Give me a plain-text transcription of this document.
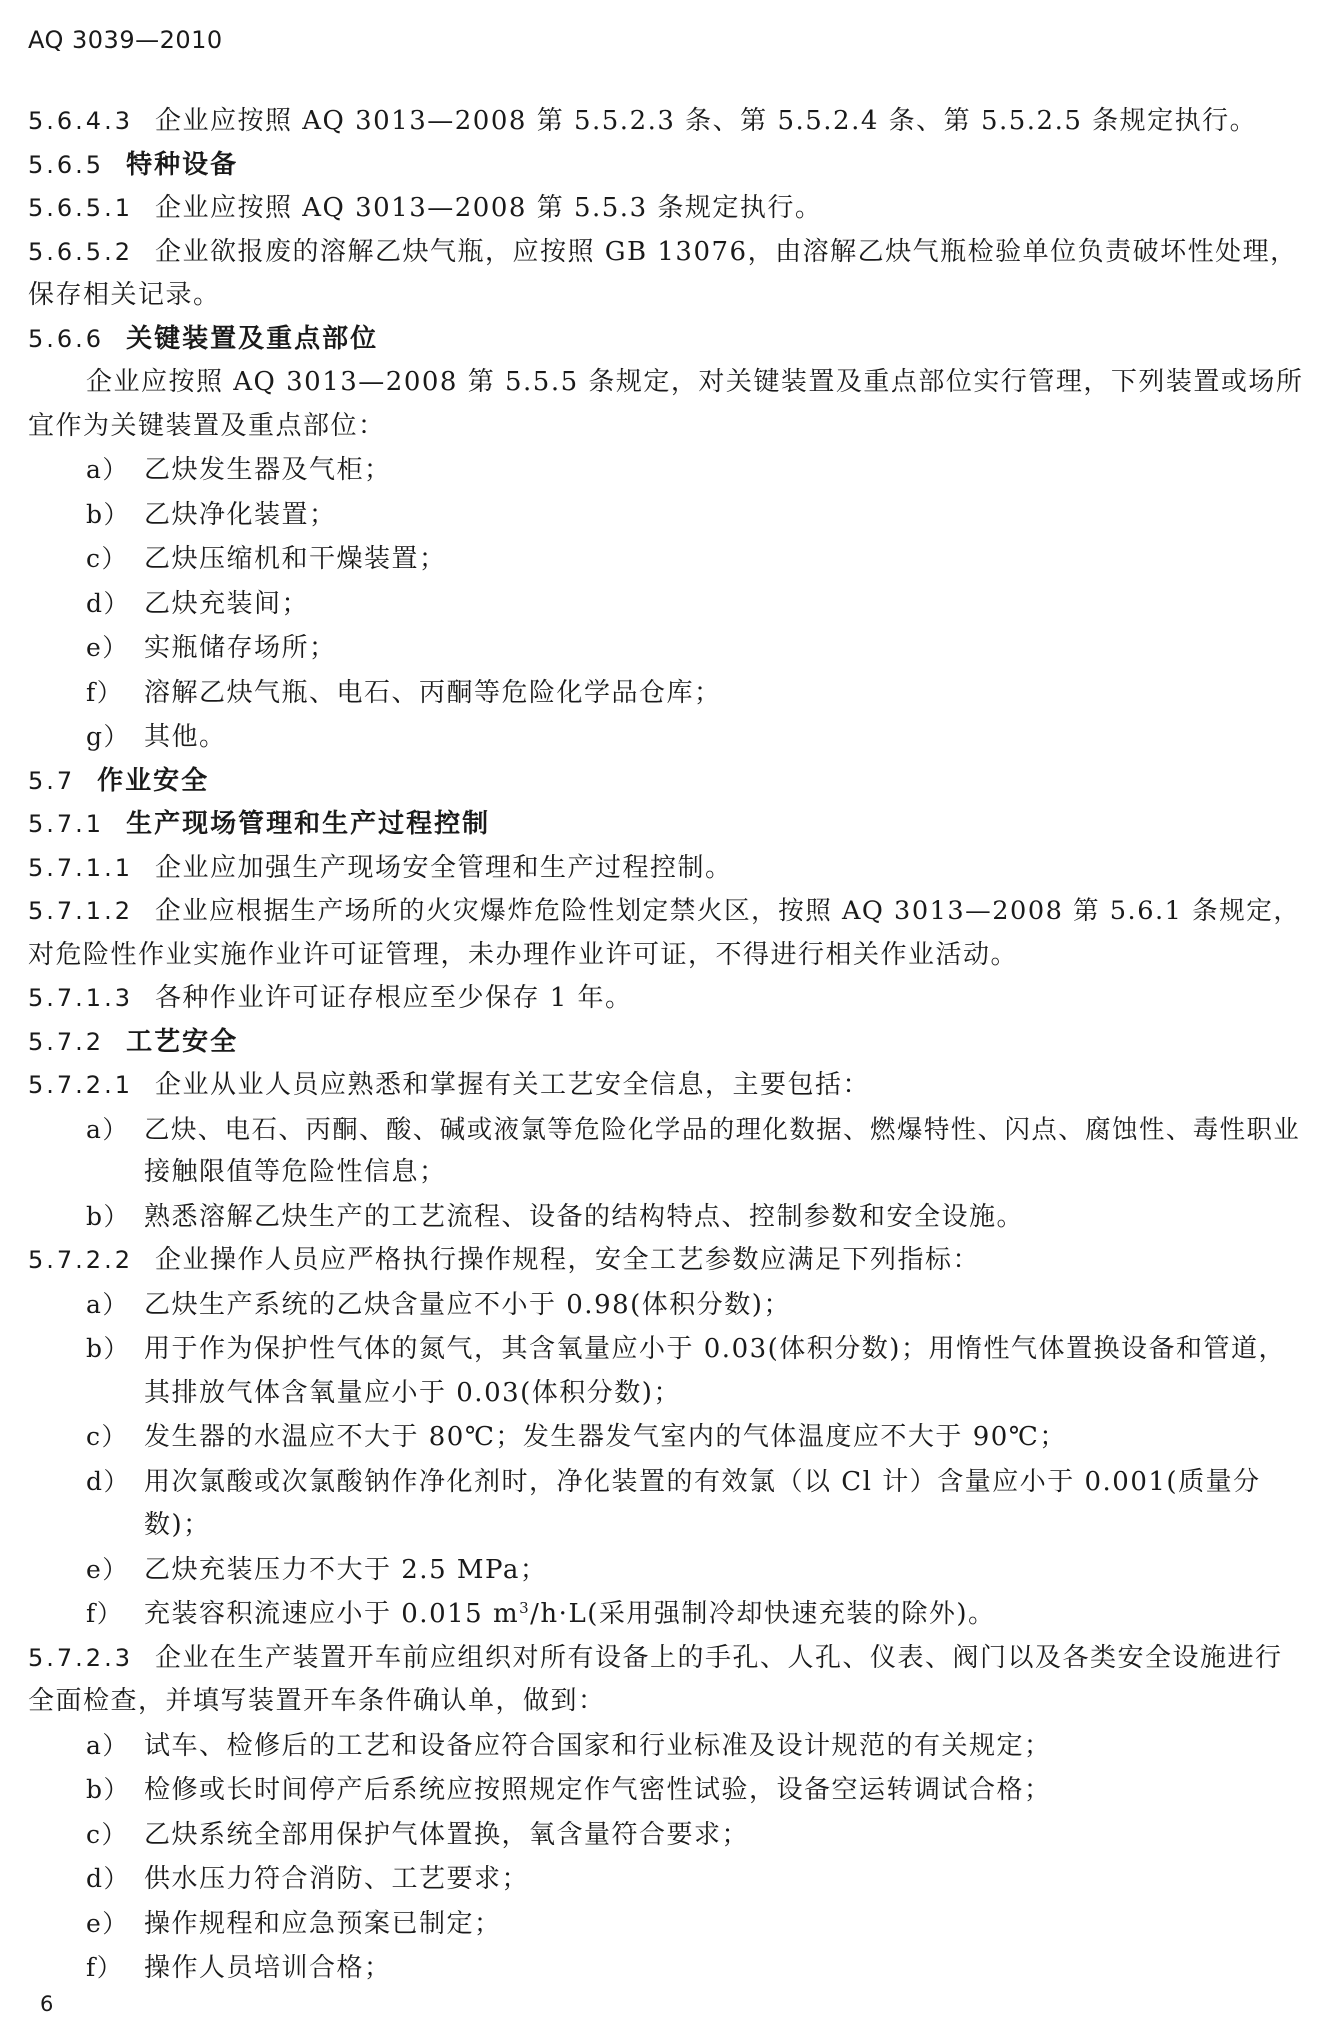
AQ 3039—2010
5.6.4.3 企业应按照 AQ 3013—2008 第 5.5.2.3 条、第 5.5.2.4 条、第 5.5.2.5 条规定执行。
5.6.5 特种设备
5.6.5.1 企业应按照 AQ 3013—2008 第 5.5.3 条规定执行。
5.6.5.2 企业欲报废的溶解乙炔气瓶，应按照 GB 13076，由溶解乙炔气瓶检验单位负责破坏性处理，
保存相关记录。
5.6.6 关键装置及重点部位
企业应按照 AQ 3013—2008 第 5.5.5 条规定，对关键装置及重点部位实行管理，下列装置或场所
宜作为关键装置及重点部位：
a） 乙炔发生器及气柜；
b） 乙炔净化装置；
c） 乙炔压缩机和干燥装置；
d） 乙炔充装间；
e） 实瓶储存场所；
f） 溶解乙炔气瓶、电石、丙酮等危险化学品仓库；
g） 其他。
5.7 作业安全
5.7.1 生产现场管理和生产过程控制
5.7.1.1 企业应加强生产现场安全管理和生产过程控制。
5.7.1.2 企业应根据生产场所的火灾爆炸危险性划定禁火区，按照 AQ 3013—2008 第 5.6.1 条规定，
对危险性作业实施作业许可证管理，未办理作业许可证，不得进行相关作业活动。
5.7.1.3 各种作业许可证存根应至少保存 1 年。
5.7.2 工艺安全
5.7.2.1 企业从业人员应熟悉和掌握有关工艺安全信息，主要包括：
a） 乙炔、电石、丙酮、酸、碱或液氯等危险化学品的理化数据、燃爆特性、闪点、腐蚀性、毒性职业
接触限值等危险性信息；
b） 熟悉溶解乙炔生产的工艺流程、设备的结构特点、控制参数和安全设施。
5.7.2.2 企业操作人员应严格执行操作规程，安全工艺参数应满足下列指标：
a） 乙炔生产系统的乙炔含量应不小于 0.98(体积分数)；
b） 用于作为保护性气体的氮气，其含氧量应小于 0.03(体积分数)；用惰性气体置换设备和管道，
其排放气体含氧量应小于 0.03(体积分数)；
c） 发生器的水温应不大于 80℃；发生器发气室内的气体温度应不大于 90℃；
d） 用次氯酸或次氯酸钠作净化剂时，净化装置的有效氯（以 Cl 计）含量应小于 0.001(质量分
数)；
e） 乙炔充装压力不大于 2.5 MPa；
f） 充装容积流速应小于 0.015 $m^3/h\cdot L$(采用强制冷却快速充装的除外)。
5.7.2.3 企业在生产装置开车前应组织对所有设备上的手孔、人孔、仪表、阀门以及各类安全设施进行
全面检查，并填写装置开车条件确认单，做到：
a） 试车、检修后的工艺和设备应符合国家和行业标准及设计规范的有关规定；
b） 检修或长时间停产后系统应按照规定作气密性试验，设备空运转调试合格；
c） 乙炔系统全部用保护气体置换，氧含量符合要求；
d） 供水压力符合消防、工艺要求；
e） 操作规程和应急预案已制定；
f） 操作人员培训合格；
6
